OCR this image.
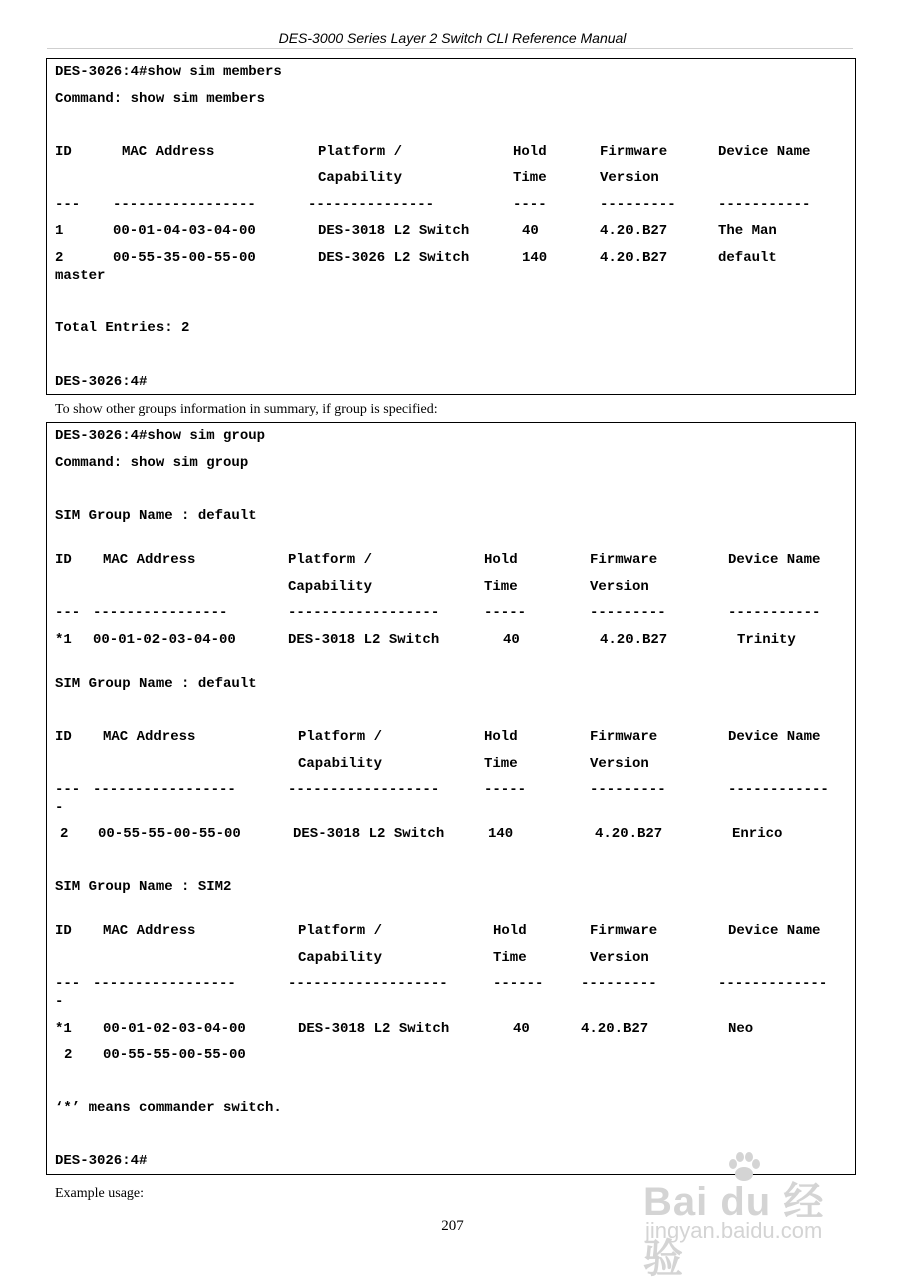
DES-3000 Series Layer 2 Switch CLI Reference Manual
DES-3026:4#show sim members
Command: show sim members
ID	MAC Address	Platform /	Hold	Firmware	Device Name
Capability	Time	Version
--- -----------------	---------------	----	---------	-----------
1	00-01-04-03-04-00	DES-3018 L2 Switch	40	4.20.B27	The Man
2	00-55-35-00-55-00	DES-3026 L2 Switch	140	4.20.B27	default
master
Total Entries: 2
DES-3026:4#
To show other groups information in summary, if group is specified:
DES-3026:4#show sim group
Command: show sim group
SIM Group Name : default
ID MAC Address	Platform /	Hold	Firmware	Device Name
Capability	Time	Version
--- ----------------	------------------	-----	---------	-----------
*1 00-01-02-03-04-00	DES-3018 L2 Switch	40	4.20.B27	Trinity
SIM Group Name : default
ID MAC Address	Platform /	Hold	Firmware	Device Name
Capability	Time	Version
--- -----------------	------------------	-----	---------	------------
-
2 00-55-55-00-55-00	DES-3018 L2 Switch	140	4.20.B27	Enrico
SIM Group Name : SIM2
ID MAC Address	Platform /	Hold	Firmware	Device Name
Capability	Time	Version
--- -----------------	-------------------	------	---------	-------------
-
*1 00-01-02-03-04-00	DES-3018 L2 Switch	40	4.20.B27	Neo
2 00-55-55-00-55-00
‘*’ means commander switch.
DES-3026:4#
Example usage:
207
Bai du 经验
jingyan.baidu.com
